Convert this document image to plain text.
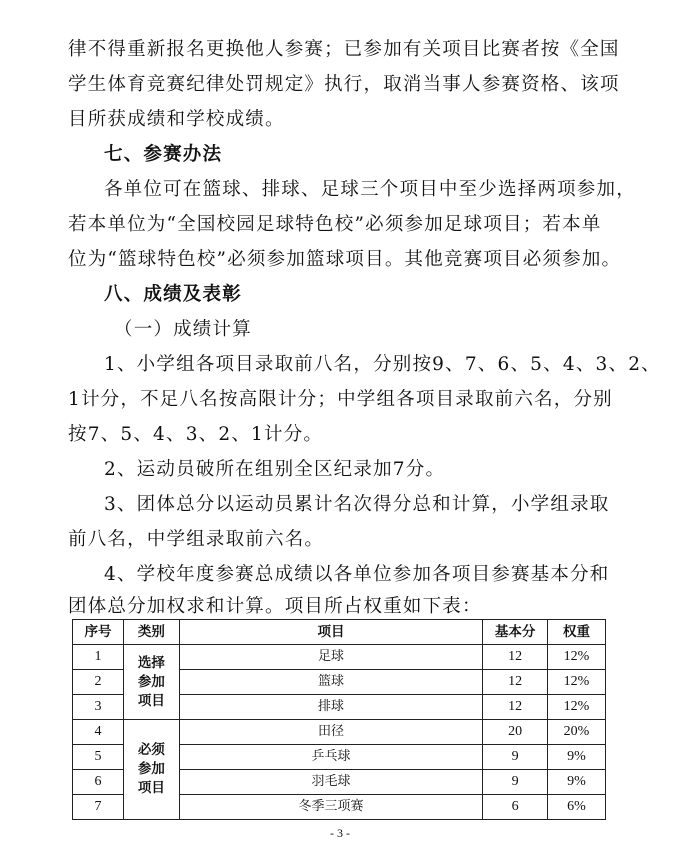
律不得重新报名更换他人参赛；已参加有关项目比赛者按《全国
学生体育竞赛纪律处罚规定》执行，取消当事人参赛资格、该项
目所获成绩和学校成绩。
七、参赛办法
各单位可在篮球、排球、足球三个项目中至少选择两项参加，
若本单位为“全国校园足球特色校”必须参加足球项目；若本单
位为“篮球特色校”必须参加篮球项目。其他竞赛项目必须参加。
八、成绩及表彰
（一）成绩计算
1、小学组各项目录取前八名，分别按9、7、6、5、4、3、2、
1计分，不足八名按高限计分；中学组各项目录取前六名，分别
按7、5、4、3、2、1计分。
2、运动员破所在组别全区纪录加7分。
3、团体总分以运动员累计名次得分总和计算，小学组录取
前八名，中学组录取前六名。
4、学校年度参赛总成绩以各单位参加各项目参赛基本分和
团体总分加权求和计算。项目所占权重如下表：
序号	类别	项目	基本分	权重
1	选择
参加
项目	足球	12	12%
2		篮球	12	12%
3		排球	12	12%
4	必须
参加
项目	田径	20	20%
5		乒乓球	9	9%
6		羽毛球	9	9%
7		冬季三项赛	6	6%
- 3 -
